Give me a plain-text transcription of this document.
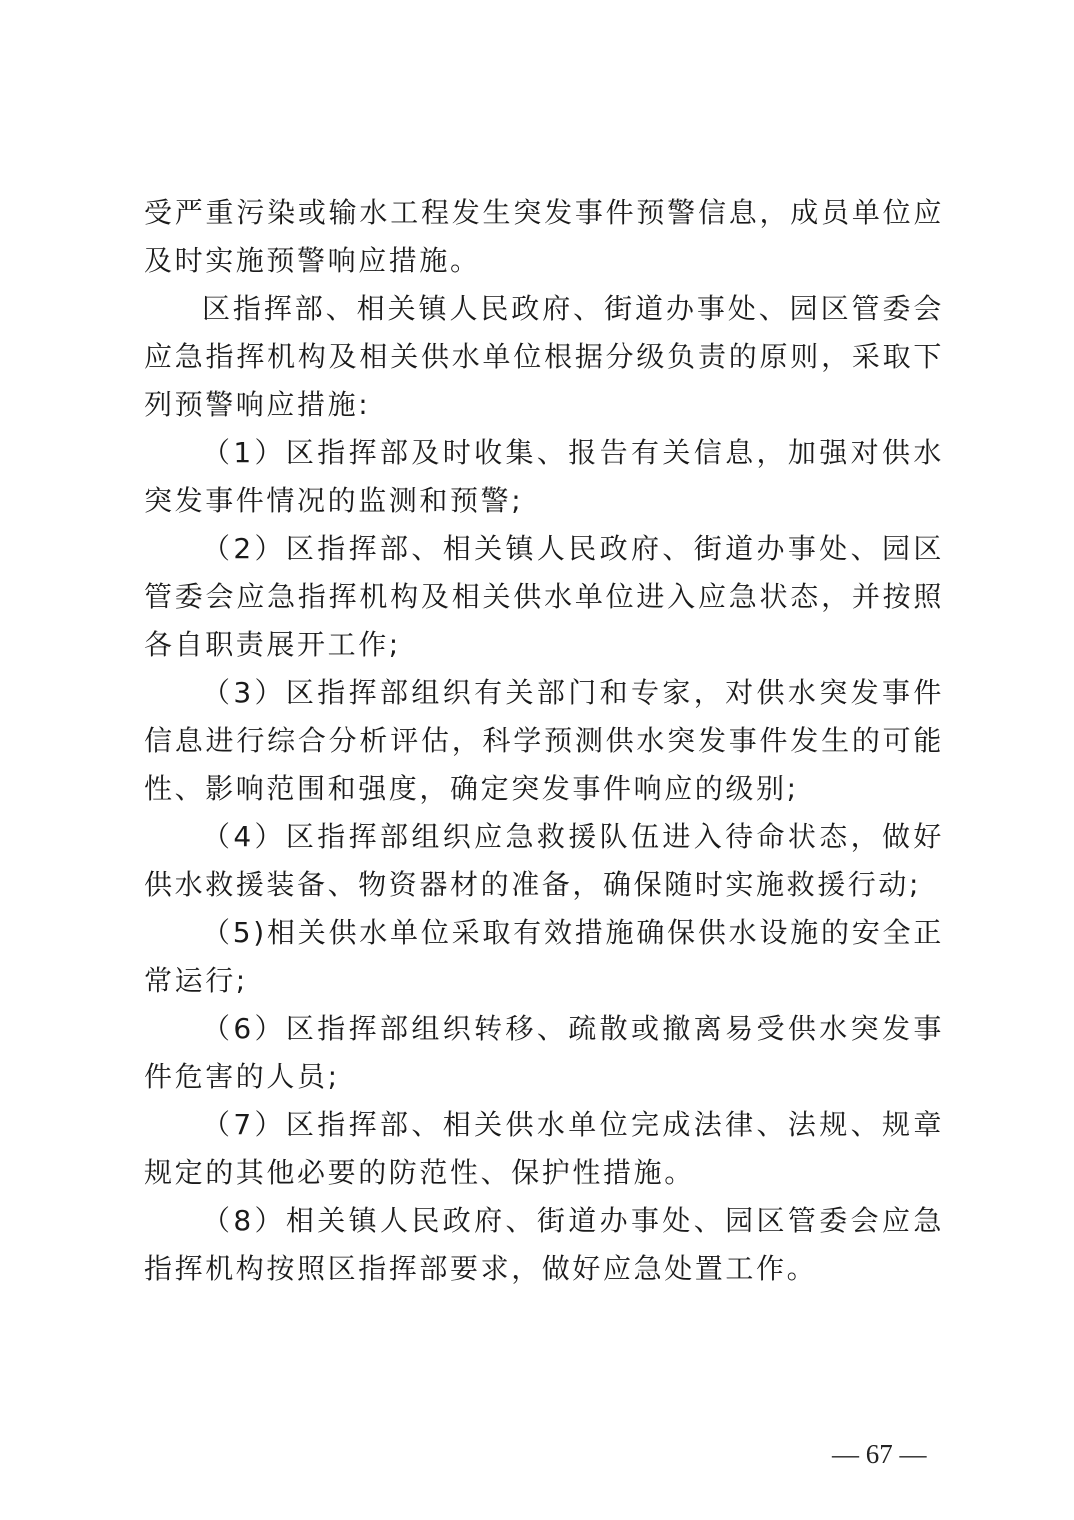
受严重污染或输水工程发生突发事件预警信息，成员单位应及时实施预警响应措施。

区指挥部、相关镇人民政府、街道办事处、园区管委会应急指挥机构及相关供水单位根据分级负责的原则，采取下列预警响应措施:

（1）区指挥部及时收集、报告有关信息，加强对供水突发事件情况的监测和预警;

（2）区指挥部、相关镇人民政府、街道办事处、园区管委会应急指挥机构及相关供水单位进入应急状态，并按照各自职责展开工作;

（3）区指挥部组织有关部门和专家，对供水突发事件信息进行综合分析评估，科学预测供水突发事件发生的可能性、影响范围和强度，确定突发事件响应的级别;

（4）区指挥部组织应急救援队伍进入待命状态，做好供水救援装备、物资器材的准备，确保随时实施救援行动;

（5)相关供水单位采取有效措施确保供水设施的安全正常运行;

（6）区指挥部组织转移、疏散或撤离易受供水突发事件危害的人员;

（7）区指挥部、相关供水单位完成法律、法规、规章规定的其他必要的防范性、保护性措施。

（8）相关镇人民政府、街道办事处、园区管委会应急指挥机构按照区指挥部要求，做好应急处置工作。

— 67 —
